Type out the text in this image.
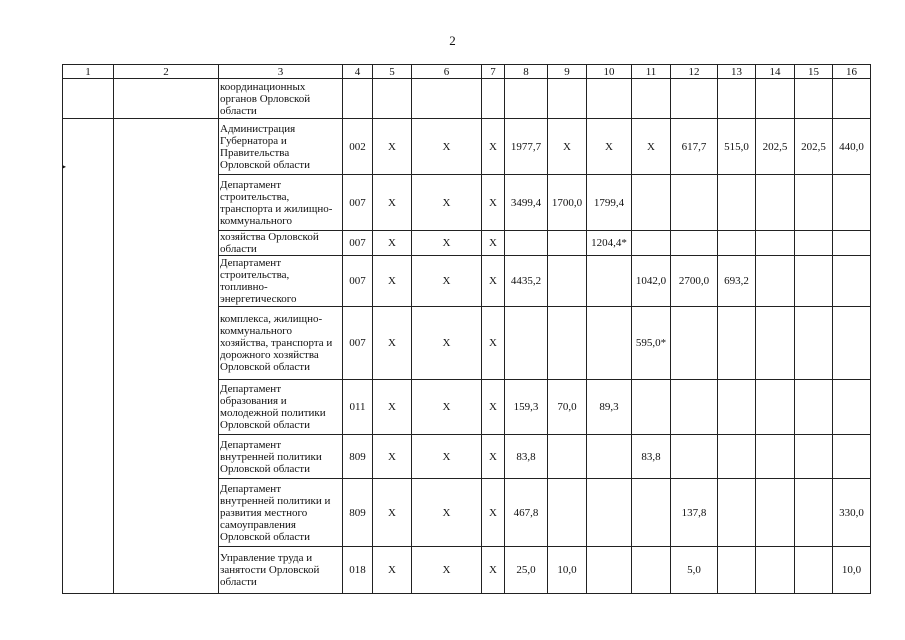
2
▸
1	2	3	4	5	6	7	8	9	10	11	12	13	14	15	16
		координационных
органов Орловской
области													
		Администрация
Губернатора и
Правительства
Орловской области	002	X	X	X	1977,7	X	X	X	617,7	515,0	202,5	202,5	440,0
		Департамент
строительства,
транспорта и жилищно-
коммунального	007	X	X	X	3499,4	1700,0	1799,4						
		хозяйства Орловской
области	007	X	X	X			1204,4*						
		Департамент
строительства,
топливно-
энергетического	007	X	X	X	4435,2			1042,0	2700,0	693,2			
		комплекса, жилищно-
коммунального
хозяйства, транспорта и
дорожного хозяйства
Орловской области	007	X	X	X				595,0*					
		Департамент
образования и
молодежной политики
Орловской области	011	X	X	X	159,3	70,0	89,3						
		Департамент
внутренней политики
Орловской области	809	X	X	X	83,8			83,8					
		Департамент
внутренней политики и
развития местного
самоуправления
Орловской области	809	X	X	X	467,8				137,8				330,0
		Управление труда и
занятости Орловской
области	018	X	X	X	25,0	10,0			5,0				10,0
